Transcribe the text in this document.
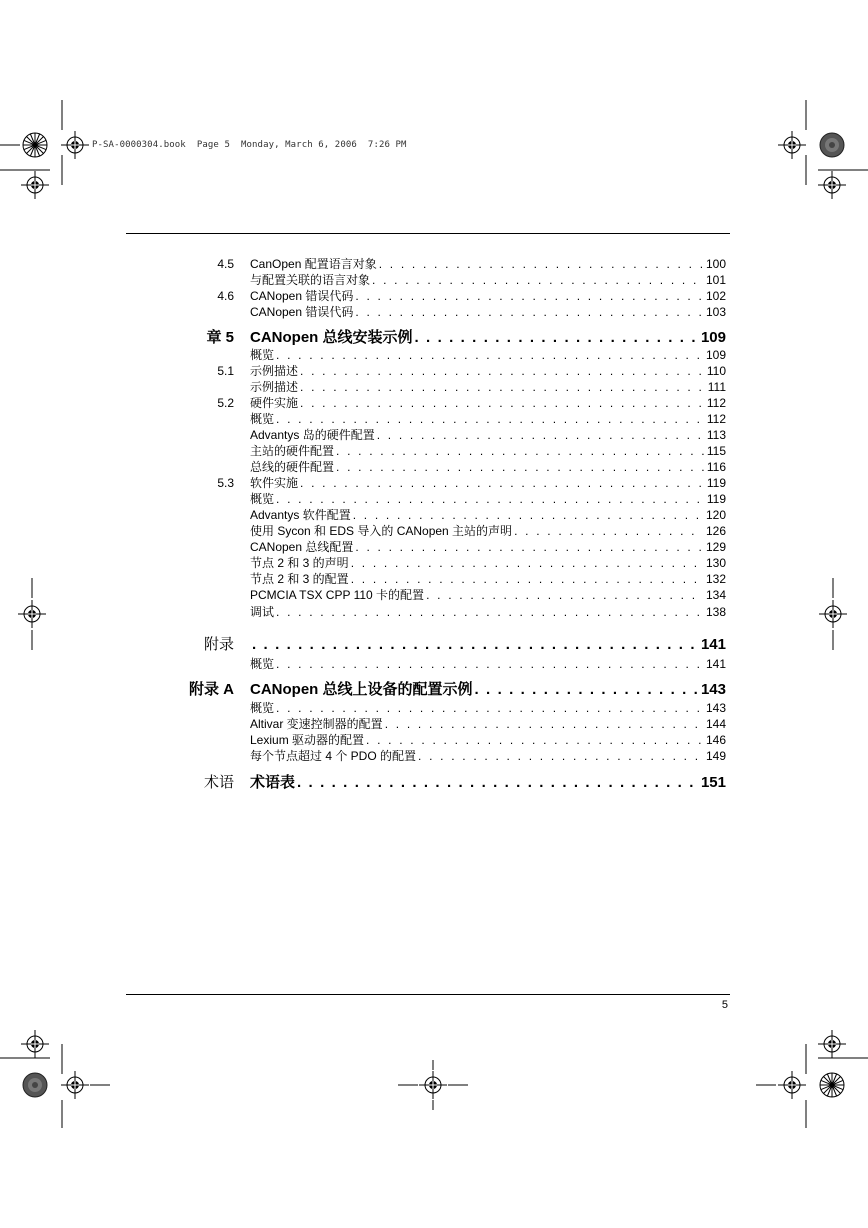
P-SA-0000304.book  Page 5  Monday, March 6, 2006  7:26 PM
4.5 CanOpen 配置语言对象 . . .	100
与配置关联的语言对象 . . .	101
4.6 CANopen 错误代码 . . .	102
CANopen 错误代码 . . .	103
章 5 CANopen 总线安装示例 . . .	109
概览 . . .	109
5.1 示例描述 . . .	110
示例描述 . . .	111
5.2 硬件实施 . . .	112
概览 . . .	112
Advantys 岛的硬件配置 . . .	113
主站的硬件配置 . . .	115
总线的硬件配置 . . .	116
5.3 软件实施 . . .	119
概览 . . .	119
Advantys 软件配置 . . .	120
使用 Sycon 和 EDS 导入的 CANopen 主站的声明 . . .	126
CANopen 总线配置 . . .	129
节点 2 和 3 的声明 . . .	130
节点 2 和 3 的配置 . . .	132
PCMCIA TSX CPP 110 卡的配置 . . .	134
调试 . . .	138
附录 . . .	141
概览 . . .	141
附录 A CANopen 总线上设备的配置示例 . . .	143
概览 . . .	143
Altivar 变速控制器的配置 . . .	144
Lexium 驱动器的配置 . . .	146
每个节点超过 4 个 PDO 的配置 . . .	149
术语 术语表 . . .	151
5
